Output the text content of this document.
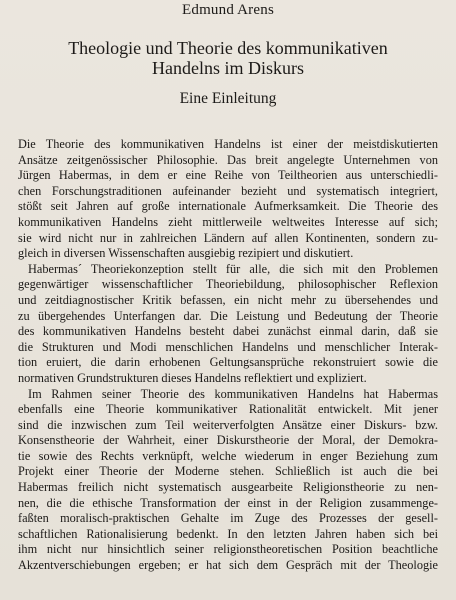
Edmund Arens
Theologie und Theorie des kommunikativen
Handelns im Diskurs
Eine Einleitung
Die Theorie des kommunikativen Handelns ist einer der meistdiskutierten
Ansätze zeitgenössischer Philosophie. Das breit angelegte Unternehmen von
Jürgen Habermas, in dem er eine Reihe von Teiltheorien aus unterschiedli-
chen Forschungstraditionen aufeinander bezieht und systematisch integriert,
stößt seit Jahren auf große internationale Aufmerksamkeit. Die Theorie des
kommunikativen Handelns zieht mittlerweile weltweites Interesse auf sich;
sie wird nicht nur in zahlreichen Ländern auf allen Kontinenten, sondern zu-
gleich in diversen Wissenschaften ausgiebig rezipiert und diskutiert.
Habermas´ Theoriekonzeption stellt für alle, die sich mit den Problemen
gegenwärtiger wissenschaftlicher Theoriebildung, philosophischer Reflexion
und zeitdiagnostischer Kritik befassen, ein nicht mehr zu übersehendes und
zu übergehendes Unterfangen dar. Die Leistung und Bedeutung der Theorie
des kommunikativen Handelns besteht dabei zunächst einmal darin, daß sie
die Strukturen und Modi menschlichen Handelns und menschlicher Interak-
tion eruiert, die darin erhobenen Geltungsansprüche rekonstruiert sowie die
normativen Grundstrukturen dieses Handelns reflektiert und expliziert.
Im Rahmen seiner Theorie des kommunikativen Handelns hat Habermas
ebenfalls eine Theorie kommunikativer Rationalität entwickelt. Mit jener
sind die inzwischen zum Teil weiterverfolgten Ansätze einer Diskurs- bzw.
Konsenstheorie der Wahrheit, einer Diskurstheorie der Moral, der Demokra-
tie sowie des Rechts verknüpft, welche wiederum in enger Beziehung zum
Projekt einer Theorie der Moderne stehen. Schließlich ist auch die bei
Habermas freilich nicht systematisch ausgearbeite Religionstheorie zu nen-
nen, die die ethische Transformation der einst in der Religion zusammenge-
faßten moralisch-praktischen Gehalte im Zuge des Prozesses der gesell-
schaftlichen Rationalisierung bedenkt. In den letzten Jahren haben sich bei
ihm nicht nur hinsichtlich seiner religionstheoretischen Position beachtliche
Akzentverschiebungen ergeben; er hat sich dem Gespräch mit der Theologie
